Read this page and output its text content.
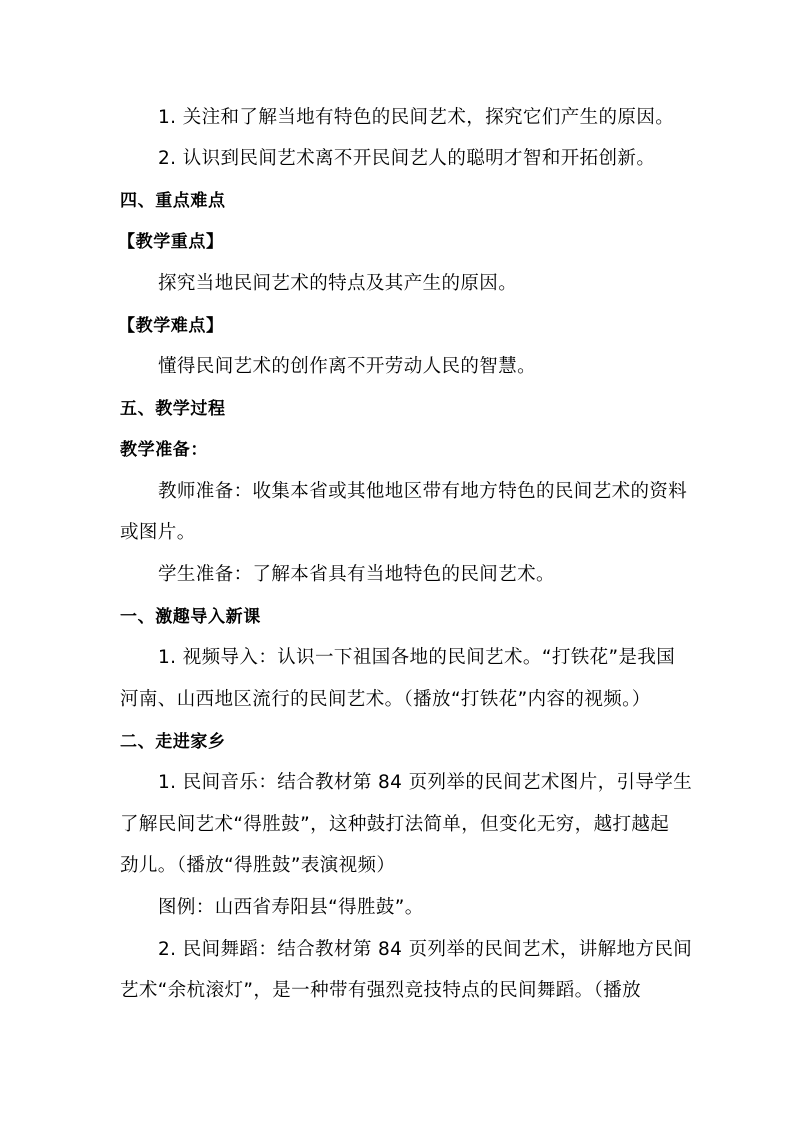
1. 关注和了解当地有特色的民间艺术，探究它们产生的原因。
2. 认识到民间艺术离不开民间艺人的聪明才智和开拓创新。
四、重点难点
【教学重点】
探究当地民间艺术的特点及其产生的原因。
【教学难点】
懂得民间艺术的创作离不开劳动人民的智慧。
五、教学过程
教学准备：
教师准备：收集本省或其他地区带有地方特色的民间艺术的资料
或图片。
学生准备：了解本省具有当地特色的民间艺术。
一、激趣导入新课
1. 视频导入：认识一下祖国各地的民间艺术。“打铁花”是我国
河南、山西地区流行的民间艺术。（播放“打铁花”内容的视频。）
二、走进家乡
1. 民间音乐：结合教材第 84 页列举的民间艺术图片，引导学生
了解民间艺术“得胜鼓”，这种鼓打法简单，但变化无穷，越打越起
劲儿。（播放“得胜鼓”表演视频）
图例：山西省寿阳县“得胜鼓”。
2. 民间舞蹈：结合教材第 84 页列举的民间艺术，讲解地方民间
艺术“余杭滚灯”，是一种带有强烈竞技特点的民间舞蹈。（播放
